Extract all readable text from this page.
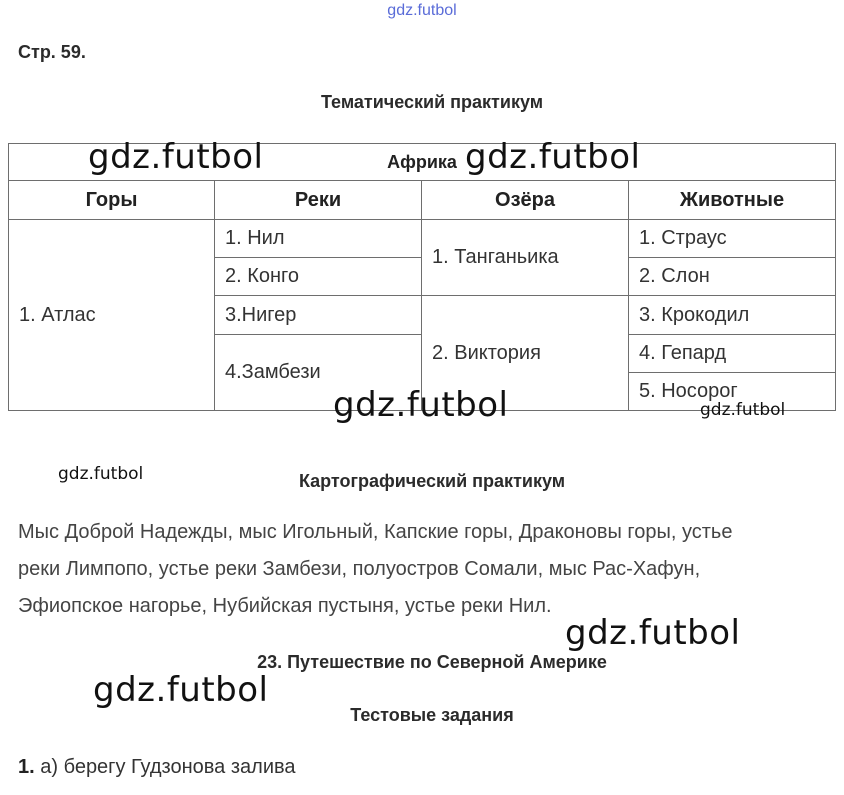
gdz.futbol
Стр. 59.
Тематический практикум
Африка			
Горы	Реки	Озёра	Животные
1. Атлас	1. Нил	1. Танганьика	1. Страус
	2. Конго		2. Слон
	3.Нигер	2. Виктория	3. Крокодил
	4.Замбези		4. Гепард
			5. Носорог
Картографический практикум
Мыс Доброй Надежды, мыс Игольный, Капские горы, Драконовы горы, устье
реки Лимпопо, устье реки Замбези, полуостров Сомали, мыс Рас-Хафун,
Эфиопское нагорье, Нубийская пустыня, устье реки Нил.
23. Путешествие по Северной Америке
Тестовые задания
1. а) берегу Гудзонова залива
gdz.futbol	gdz.futbol
gdz.futbol	gdz.futbol
gdz.futbol
gdz.futbol
gdz.futbol
